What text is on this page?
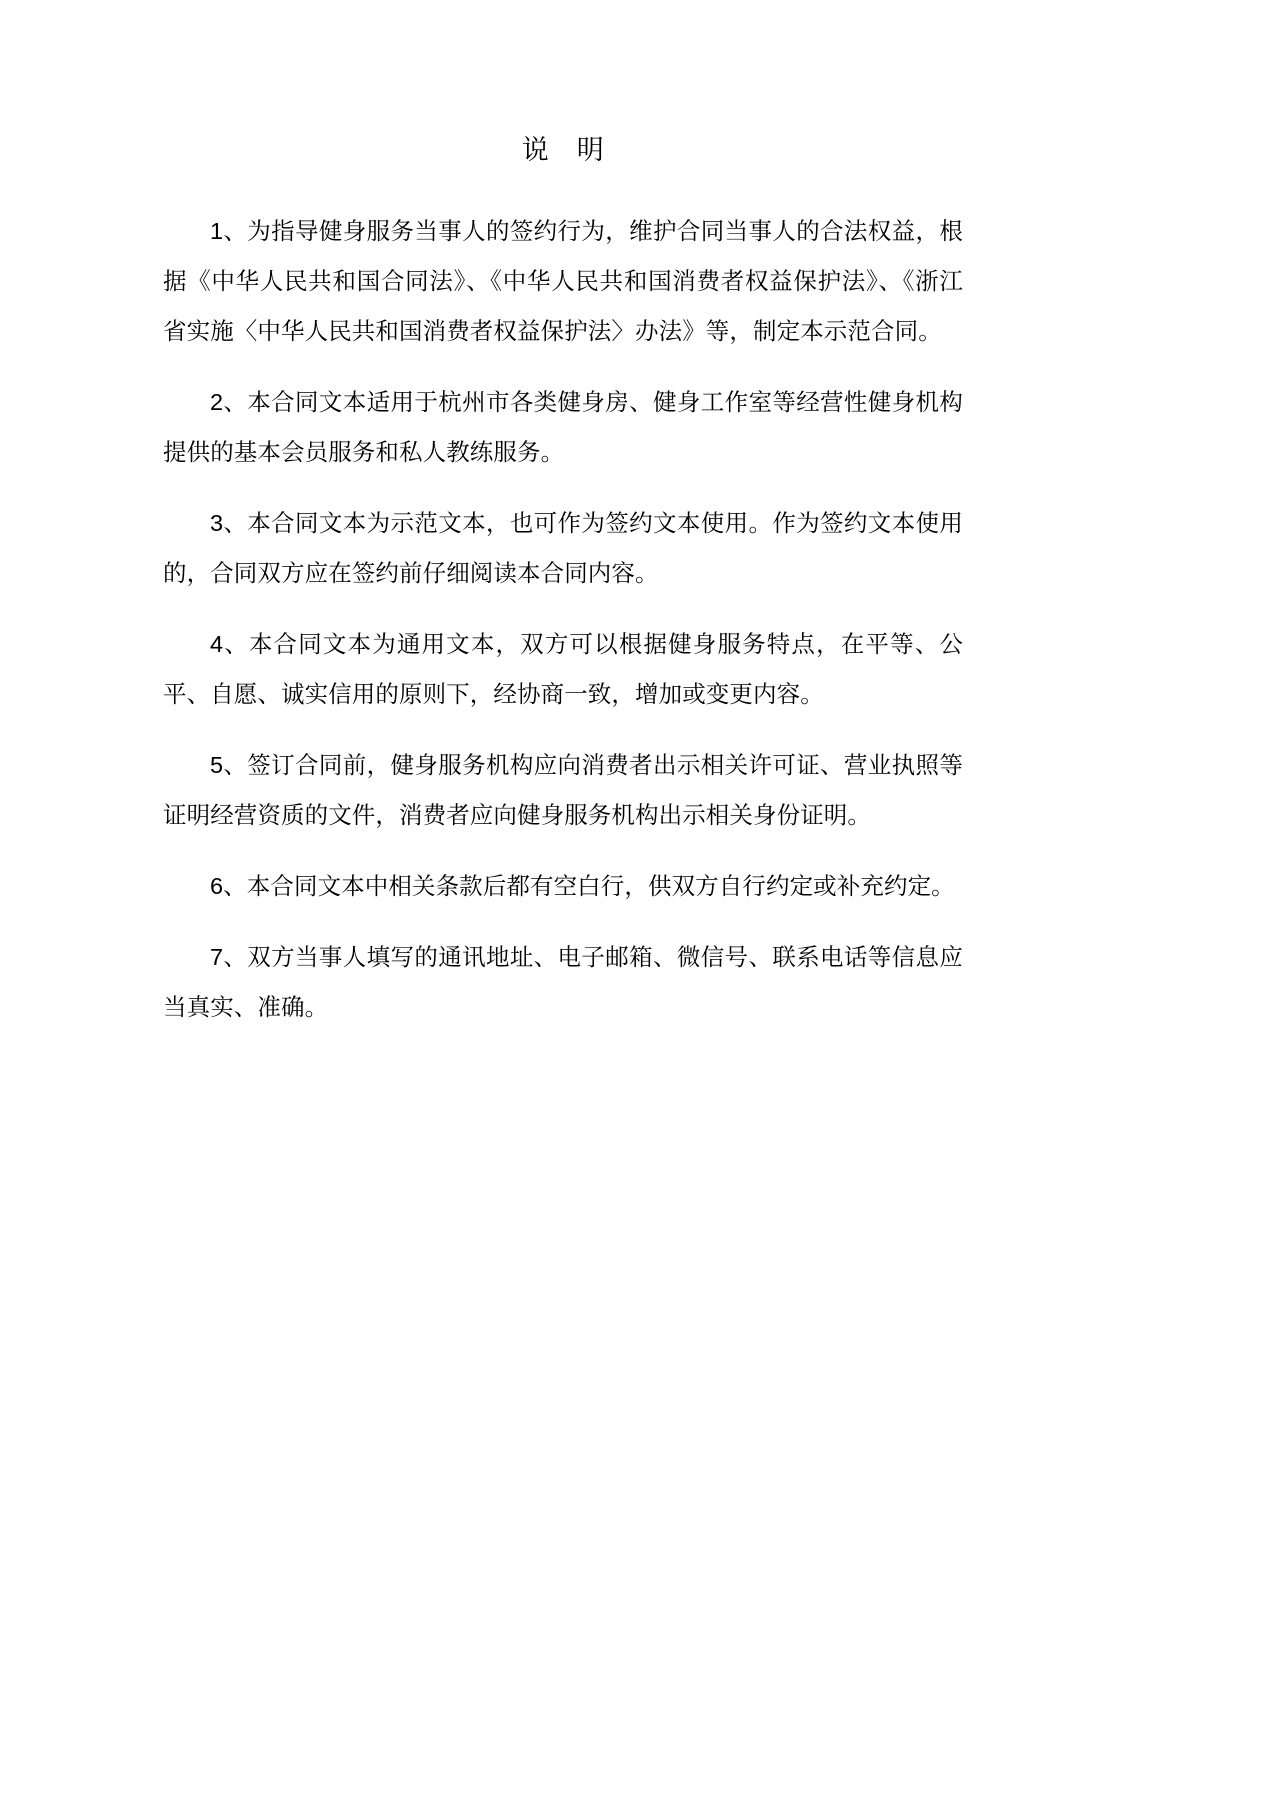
说　明

1、为指导健身服务当事人的签约行为，维护合同当事人的合法权益，根据《中华人民共和国合同法》、《中华人民共和国消费者权益保护法》、《浙江省实施〈中华人民共和国消费者权益保护法〉办法》等，制定本示范合同。

2、本合同文本适用于杭州市各类健身房、健身工作室等经营性健身机构提供的基本会员服务和私人教练服务。

3、本合同文本为示范文本，也可作为签约文本使用。作为签约文本使用的，合同双方应在签约前仔细阅读本合同内容。

4、本合同文本为通用文本，双方可以根据健身服务特点，在平等、公平、自愿、诚实信用的原则下，经协商一致，增加或变更内容。

5、签订合同前，健身服务机构应向消费者出示相关许可证、营业执照等证明经营资质的文件，消费者应向健身服务机构出示相关身份证明。

6、本合同文本中相关条款后都有空白行，供双方自行约定或补充约定。

7、双方当事人填写的通讯地址、电子邮箱、微信号、联系电话等信息应当真实、准确。
